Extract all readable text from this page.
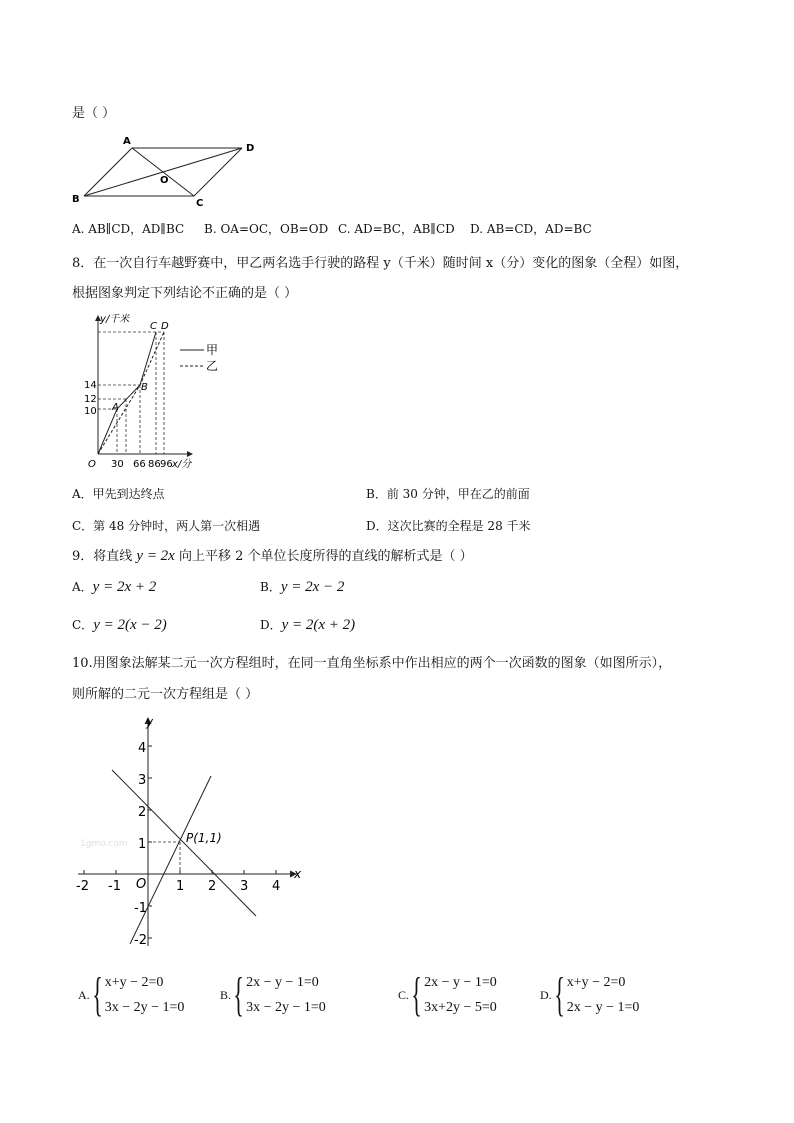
是（ ）
A
B	C
D
O
A. AB∥CD，AD∥BC B. OA=OC，OB=OD C. AD=BC，AB∥CD D. AB=CD，AD=BC
8．在一次自行车越野赛中，甲乙两名选手行驶的路程 y（千米）随时间 x（分）变化的图象（全程）如图，
根据图象判定下列结论不正确的是（ ）
y/千米
14
12
10
O 30 66 86 96 x/分
A
B
C D
甲
乙
A．甲先到达终点	B．前 30 分钟，甲在乙的前面
C．第 48 分钟时，两人第一次相遇	D．这次比赛的全程是 28 千米
9．将直线 y = 2x 向上平移 2 个单位长度所得的直线的解析式是（ ）
A．y = 2x + 2	B．y = 2x − 2
C．y = 2(x − 2)	D．y = 2(x + 2)
10.用图象法解某二元一次方程组时，在同一直角坐标系中作出相应的两个一次函数的图象（如图所示），
则所解的二元一次方程组是（ ）
1gmo.com
y
x
O
-2 -1	1 2 3 4
4
3
2
1
-1
-2
P(1,1)
A. { x+y − 2=0
3x − 2y − 1=0
B. { 2x − y − 1=0
3x − 2y − 1=0
C. { 2x − y − 1=0
3x+2y − 5=0
D. { x+y − 2=0
2x − y − 1=0
